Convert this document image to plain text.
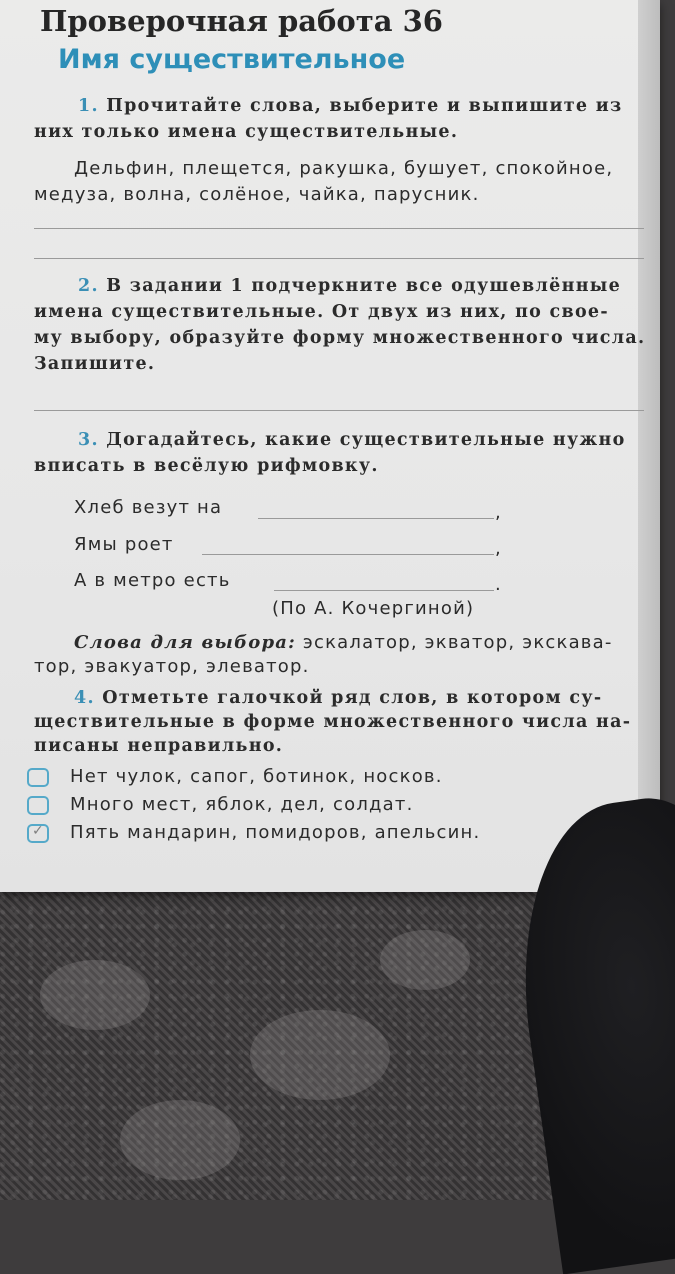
Проверочная работа 36
Имя существительное
1. Прочитайте слова, выберите и выпишите из
них только имена существительные.
Дельфин, плещется, ракушка, бушует, спокойное,
медуза, волна, солёное, чайка, парусник.
2. В задании 1 подчеркните все одушевлённые
имена существительные. От двух из них, по свое-
му выбору, образуйте форму множественного числа.
Запишите.
3. Догадайтесь, какие существительные нужно
вписать в весёлую рифмовку.
Хлеб везут на	,
Ямы роет	,
А в метро есть	.
(По А. Кочергиной)
Слова для выбора: эскалатор, экватор, экскава-
тор, эвакуатор, элеватор.
4. Отметьте галочкой ряд слов, в котором су-
ществительные в форме множественного числа на-
писаны неправильно.
Нет чулок, сапог, ботинок, носков.
Много мест, яблок, дел, солдат.
✓ Пять мандарин, помидоров, апельсин.
